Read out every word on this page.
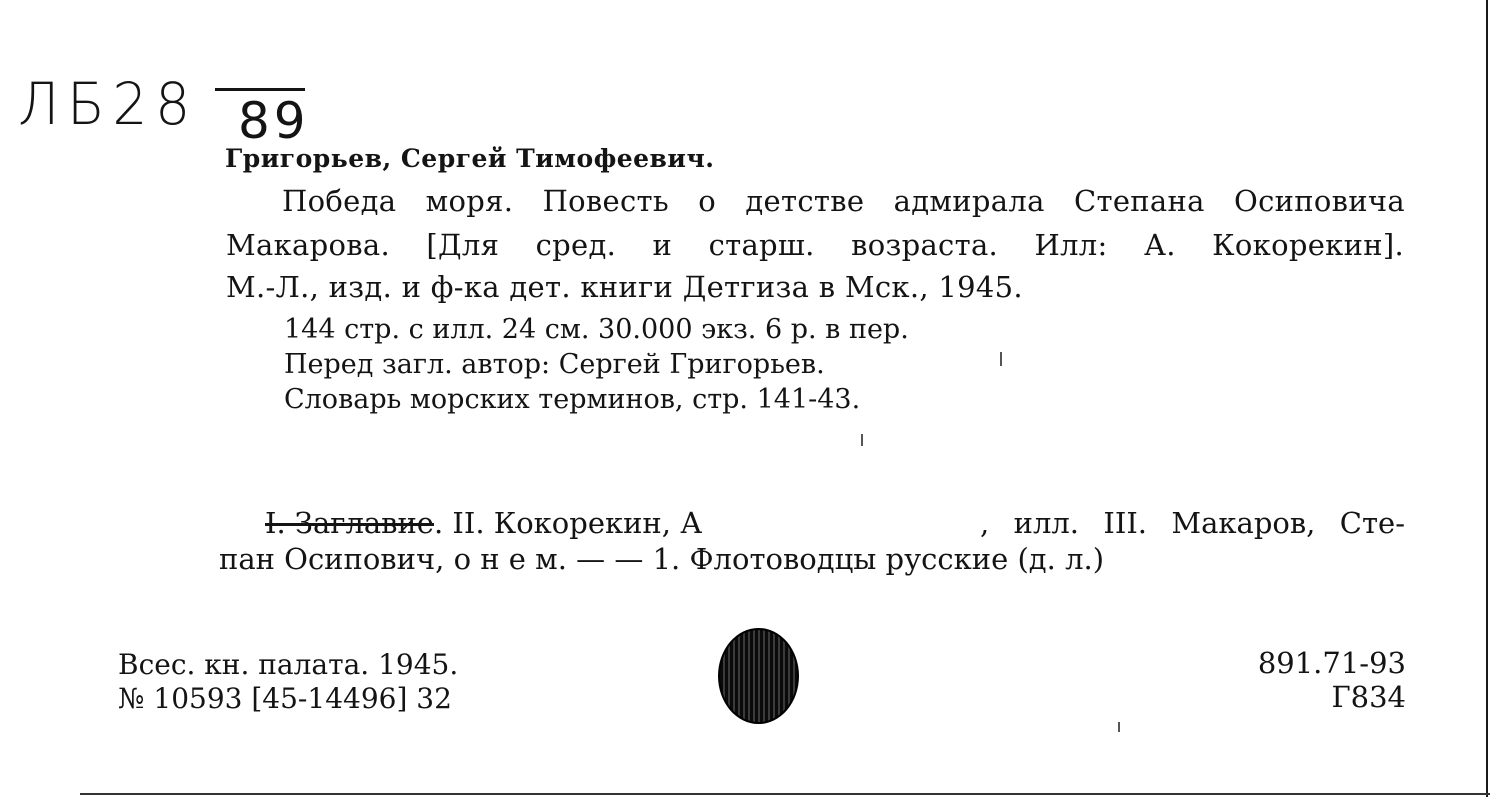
ЛБ28 89
Григорьев, Сергей Тимофеевич.
Победа моря. Повесть о детстве адмирала Степана Осиповича
Макарова. [Для сред. и старш. возраста. Илл: А. Кокорекин].
М.-Л., изд. и ф-ка дет. книги Детгиза в Мск., 1945.
144 стр. с илл. 24 см. 30.000 экз. 6 р. в пер.
Перед загл. автор: Сергей Григорьев.
Словарь морских терминов, стр. 141-43.
I. Заглавие. II. Кокорекин, А	, илл. III. Макаров, Сте-
пан Осипович, о н е м. — — 1. Флотоводцы русские (д. л.)
Всес. кн. палата. 1945.
№ 10593 [45-14496] 32
891.71-93
Г834
